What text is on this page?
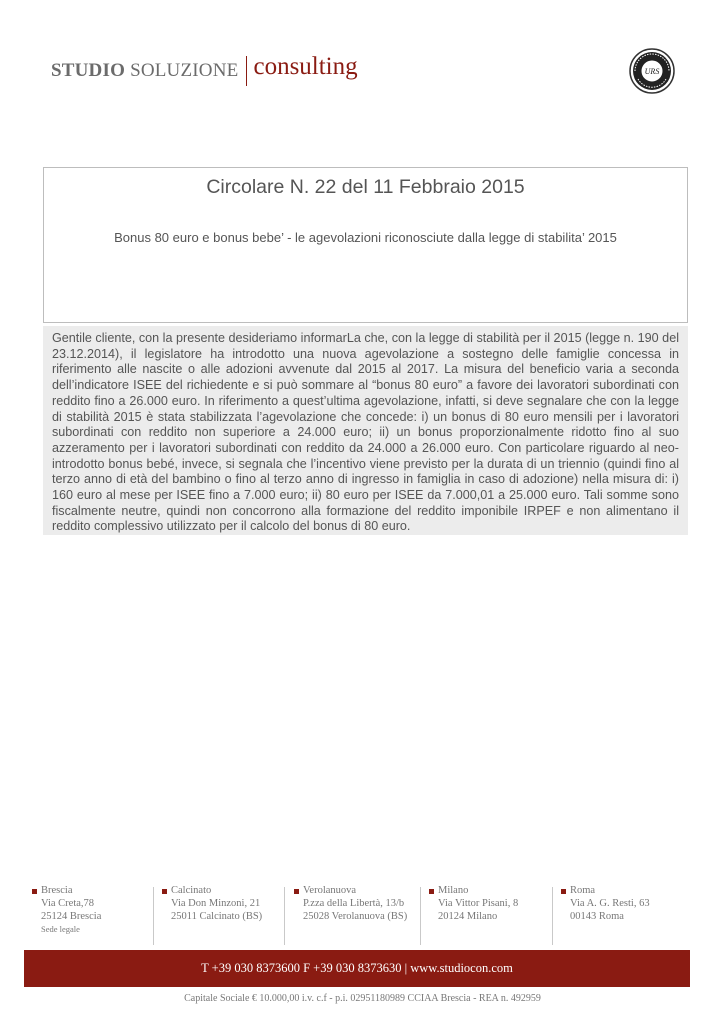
STUDIO SOLUZIONE consulting	URS
Circolare N. 22 del 11 Febbraio 2015
Bonus 80 euro e bonus bebe’ - le agevolazioni riconosciute dalla legge di stabilita’ 2015

Gentile cliente, con la presente desideriamo informarLa che, con la legge di stabilità per il 2015 (legge n. 190 del 23.12.2014), il legislatore ha introdotto una nuova agevolazione a sostegno delle famiglie concessa in riferimento alle nascite o alle adozioni avvenute dal 2015 al 2017. La misura del beneficio varia a seconda dell’indicatore ISEE del richiedente e si può sommare al “bonus 80 euro” a favore dei lavoratori subordinati con reddito fino a 26.000 euro. In riferimento a quest’ultima agevolazione, infatti, si deve segnalare che con la legge di stabilità 2015 è stata stabilizzata l’agevolazione che concede: i) un bonus di 80 euro mensili per i lavoratori subordinati con reddito non superiore a 24.000 euro; ii) un bonus proporzionalmente ridotto fino al suo azzeramento per i lavoratori subordinati con reddito da 24.000 a 26.000 euro. Con particolare riguardo al neo-introdotto bonus bebé, invece, si segnala che l’incentivo viene previsto per la durata di un triennio (quindi fino al terzo anno di età del bambino o fino al terzo anno di ingresso in famiglia in caso di adozione) nella misura di: i) 160 euro al mese per ISEE fino a 7.000 euro; ii) 80 euro per ISEE da 7.000,01 a 25.000 euro. Tali somme sono fiscalmente neutre, quindi non concorrono alla formazione del reddito imponibile IRPEF e non alimentano il reddito complessivo utilizzato per il calcolo del bonus di 80 euro.

Brescia
Via Creta,78
25124 Brescia
Sede legale
Calcinato
Via Don Minzoni, 21
25011 Calcinato (BS)
Verolanuova
P.zza della Libertà, 13/b
25028 Verolanuova (BS)
Milano
Via Vittor Pisani, 8
20124 Milano
Roma
Via A. G. Resti, 63
00143 Roma
T +39 030 8373600 F +39 030 8373630 | www.studiocon.com
Capitale Sociale € 10.000,00 i.v. c.f - p.i. 02951180989 CCIAA Brescia - REA n. 492959
